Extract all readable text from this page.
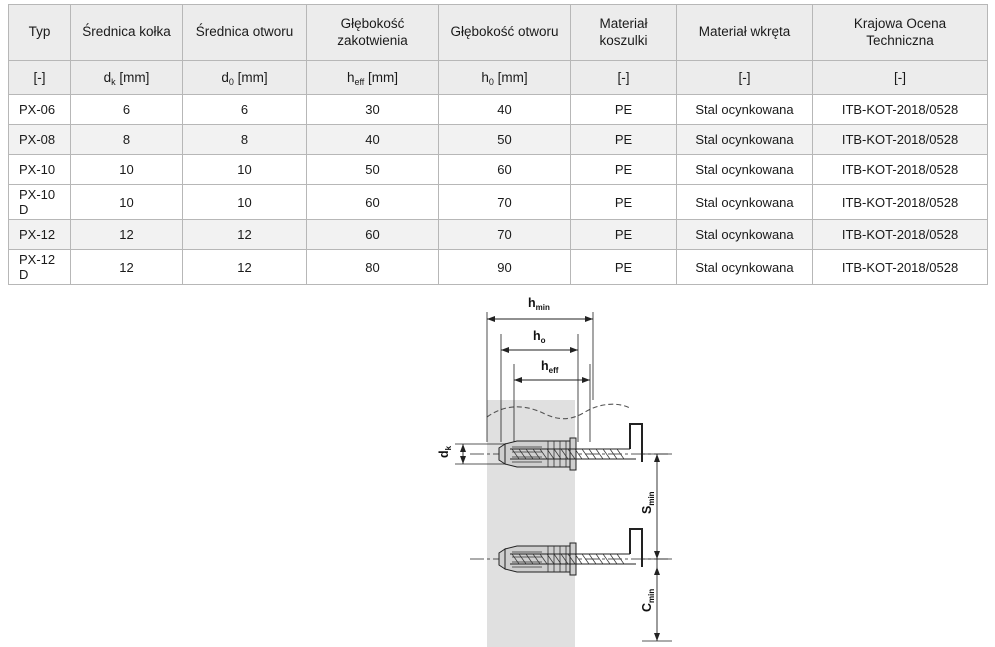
Typ	Średnica kołka	Średnica otworu	Głębokość zakotwienia	Głębokość otworu	Materiał koszulki	Materiał wkręta	Krajowa Ocena Techniczna
[-]	$d_k$ [mm]	$d_0$ [mm]	$h_{eff}$ [mm]	$h_0$ [mm]	[-]	[-]	[-]
PX-06	6	6	30	40	PE	Stal ocynkowana	ITB-KOT-2018/0528
PX-08	8	8	40	50	PE	Stal ocynkowana	ITB-KOT-2018/0528
PX-10	10	10	50	60	PE	Stal ocynkowana	ITB-KOT-2018/0528
PX-10 D	10	10	60	70	PE	Stal ocynkowana	ITB-KOT-2018/0528
PX-12	12	12	60	70	PE	Stal ocynkowana	ITB-KOT-2018/0528
PX-12 D	12	12	80	90	PE	Stal ocynkowana	ITB-KOT-2018/0528
$h_{min}$
$h_o$
$h_{eff}$
$d_k$
$S_{min}$
$C_{min}$
